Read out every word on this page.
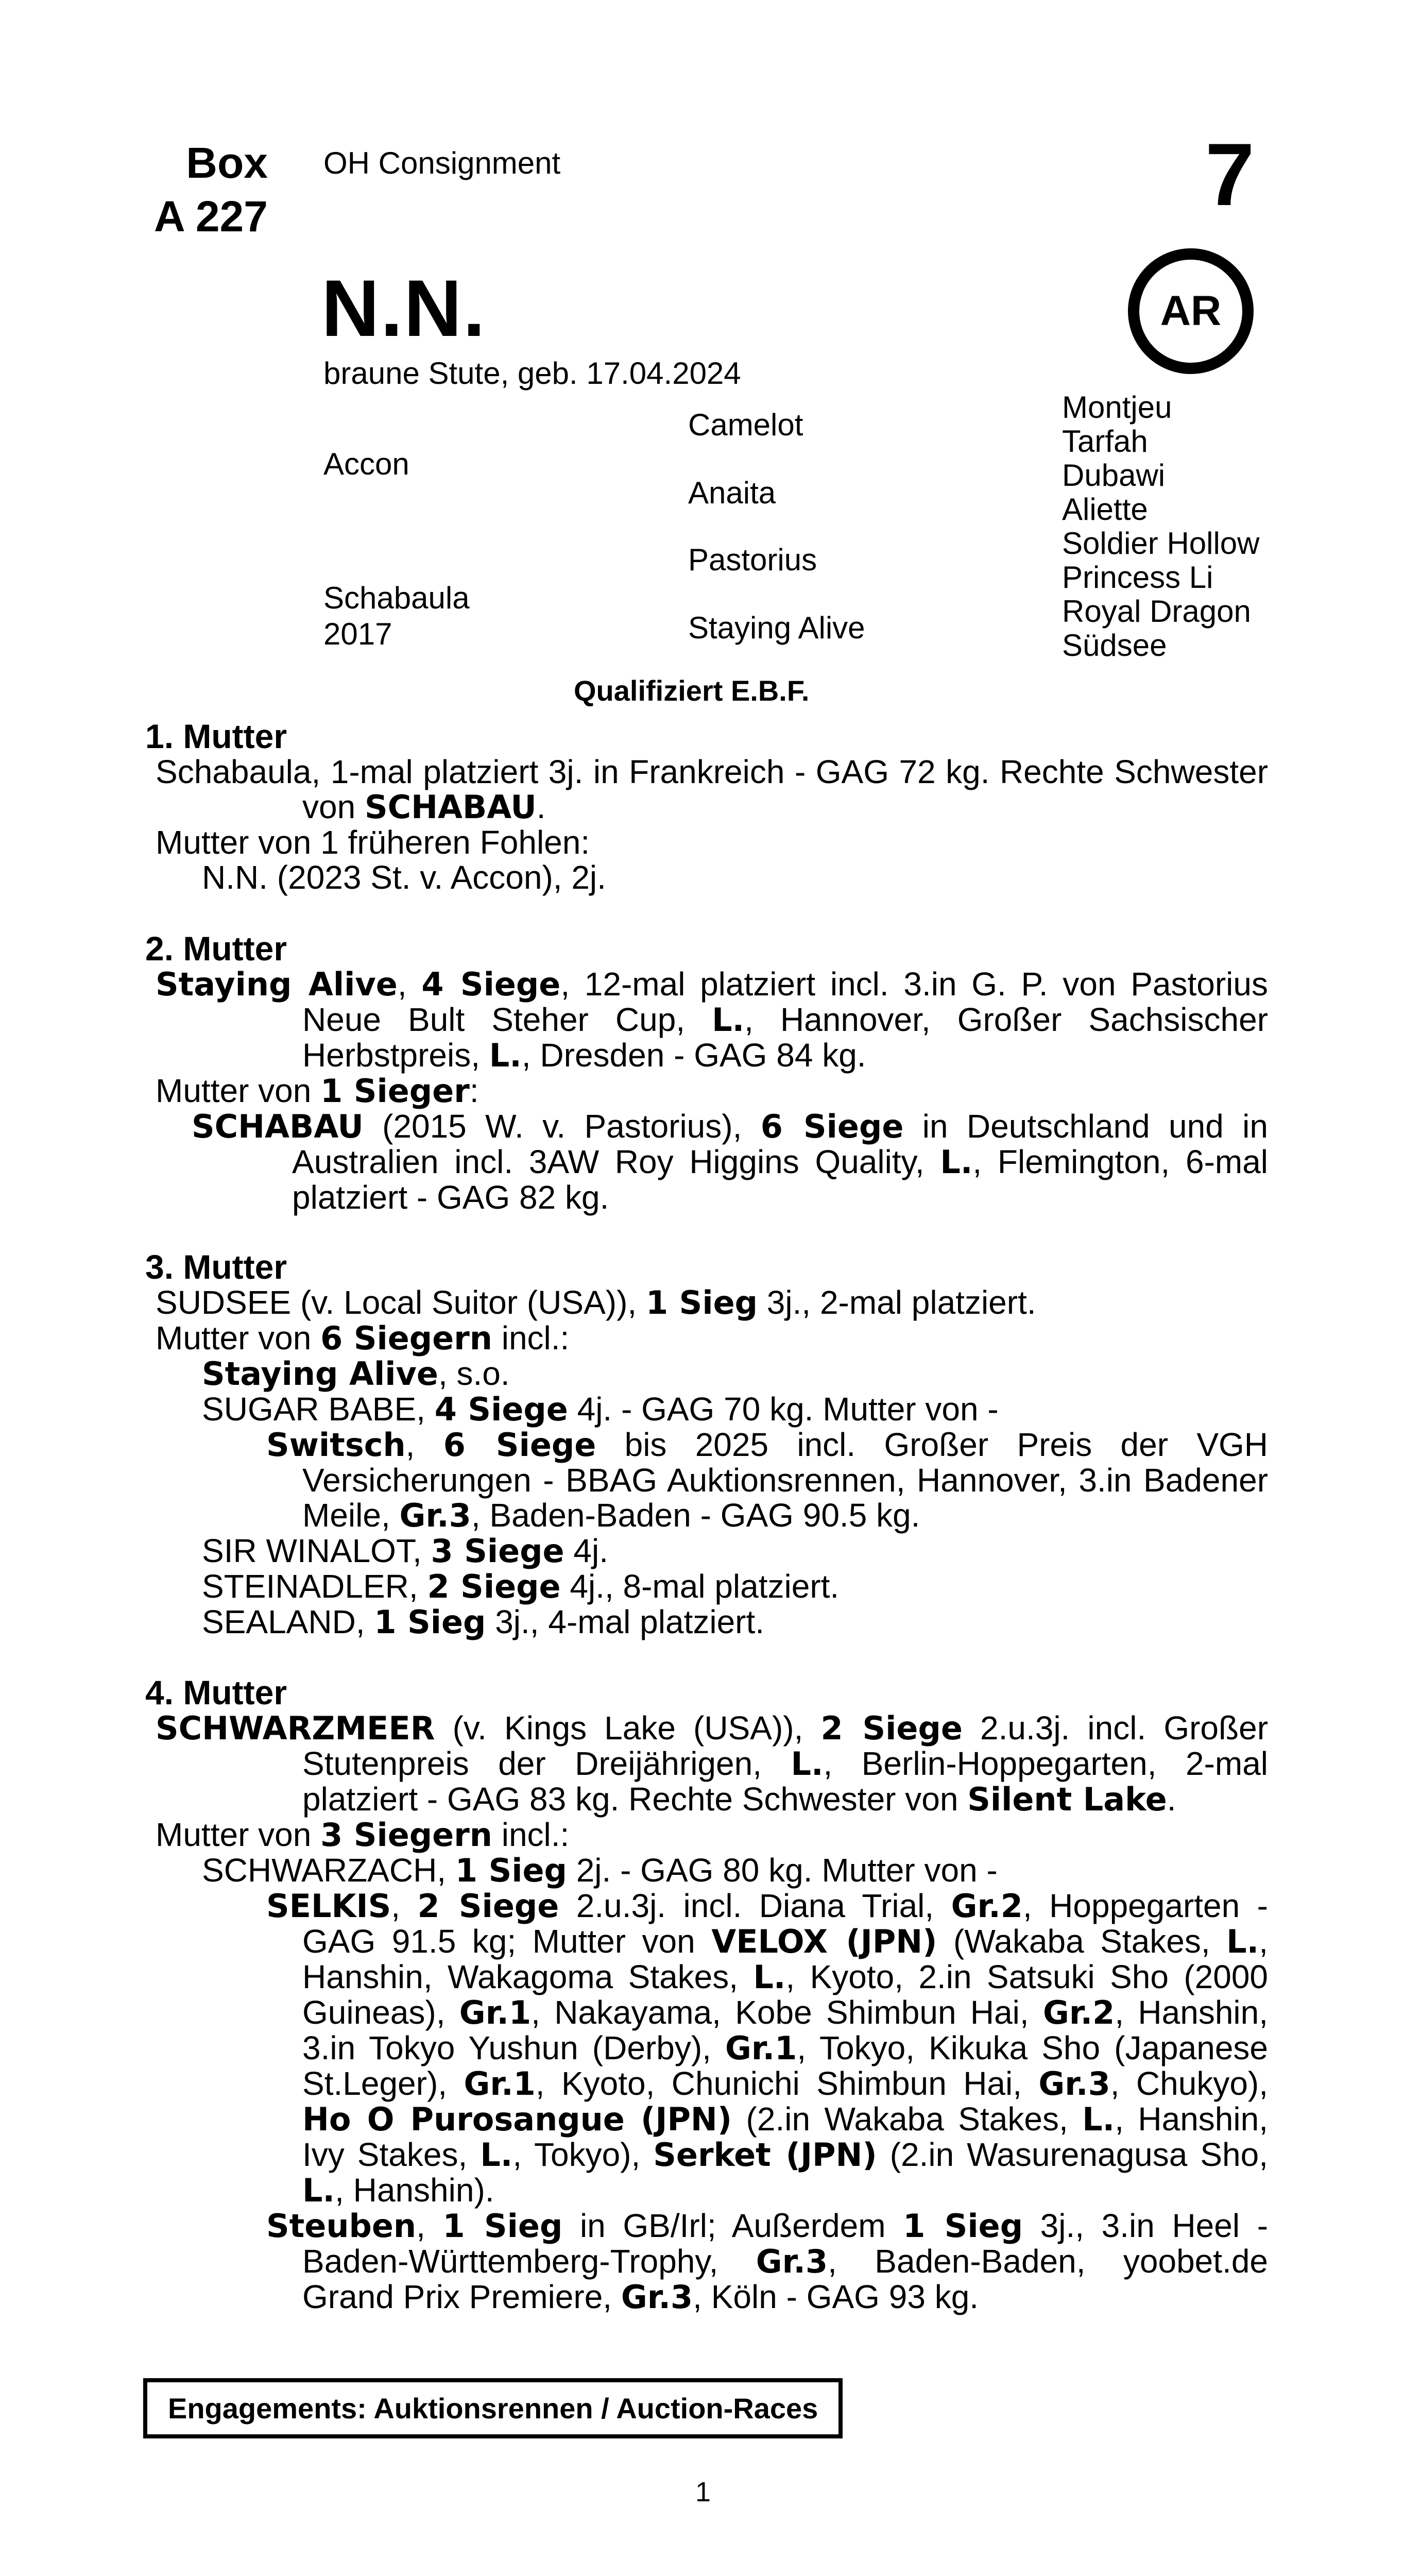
Box
A 227
OH Consignment	7
N.N.	AR
braune Stute, geb. 17.04.2024
Accon
Schabaula
2017
Camelot
Anaita
Pastorius
Staying Alive
Montjeu
Tarfah
Dubawi
Aliette
Soldier Hollow
Princess Li
Royal Dragon
Südsee
Qualifiziert E.B.F.
1. Mutter

Schabaula, 1-mal platziert 3j. in Frankreich - GAG 72 kg. Rechte Schwester von SCHABAU.

Mutter von 1 früheren Fohlen:

N.N. (2023 St. v. Accon), 2j.

2. Mutter

Staying Alive, 4 Siege, 12-mal platziert incl. 3.in G. P. von Pastorius Neue Bult Steher Cup, L., Hannover, Großer Sachsischer Herbstpreis, L., Dresden - GAG 84 kg.

Mutter von 1 Sieger:

SCHABAU (2015 W. v. Pastorius), 6 Siege in Deutschland und in Australien incl. 3AW Roy Higgins Quality, L., Flemington, 6-mal platziert - GAG 82 kg.

3. Mutter

SUDSEE (v. Local Suitor (USA)), 1 Sieg 3j., 2-mal platziert.

Mutter von 6 Siegern incl.:

Staying Alive, s.o.

SUGAR BABE, 4 Siege 4j. - GAG 70 kg. Mutter von -

Switsch, 6 Siege bis 2025 incl. Großer Preis der VGH Versicherungen - BBAG Auktionsrennen, Hannover, 3.in Badener Meile, Gr.3, Baden-Baden - GAG 90.5 kg.

SIR WINALOT, 3 Siege 4j.

STEINADLER, 2 Siege 4j., 8-mal platziert.

SEALAND, 1 Sieg 3j., 4-mal platziert.

4. Mutter

SCHWARZMEER (v. Kings Lake (USA)), 2 Siege 2.u.3j. incl. Großer Stutenpreis der Dreijährigen, L., Berlin-Hoppegarten, 2-mal platziert - GAG 83 kg. Rechte Schwester von Silent Lake.

Mutter von 3 Siegern incl.:

SCHWARZACH, 1 Sieg 2j. - GAG 80 kg. Mutter von -

SELKIS, 2 Siege 2.u.3j. incl. Diana Trial, Gr.2, Hoppegarten - GAG 91.5 kg; Mutter von VELOX (JPN) (Wakaba Stakes, L., Hanshin, Wakagoma Stakes, L., Kyoto, 2.in Satsuki Sho (2000 Guineas), Gr.1, Nakayama, Kobe Shimbun Hai, Gr.2, Hanshin, 3.in Tokyo Yushun (Derby), Gr.1, Tokyo, Kikuka Sho (Japanese St.Leger), Gr.1, Kyoto, Chunichi Shimbun Hai, Gr.3, Chukyo), Ho O Purosangue (JPN) (2.in Wakaba Stakes, L., Hanshin, Ivy Stakes, L., Tokyo), Serket (JPN) (2.in Wasurenagusa Sho, L., Hanshin).

Steuben, 1 Sieg in GB/Irl; Außerdem 1 Sieg 3j., 3.in Heel - Baden-Württemberg-Trophy, Gr.3, Baden-Baden, yoobet.de Grand Prix Premiere, Gr.3, Köln - GAG 93 kg.

Engagements: Auktionsrennen / Auction-Races
1
